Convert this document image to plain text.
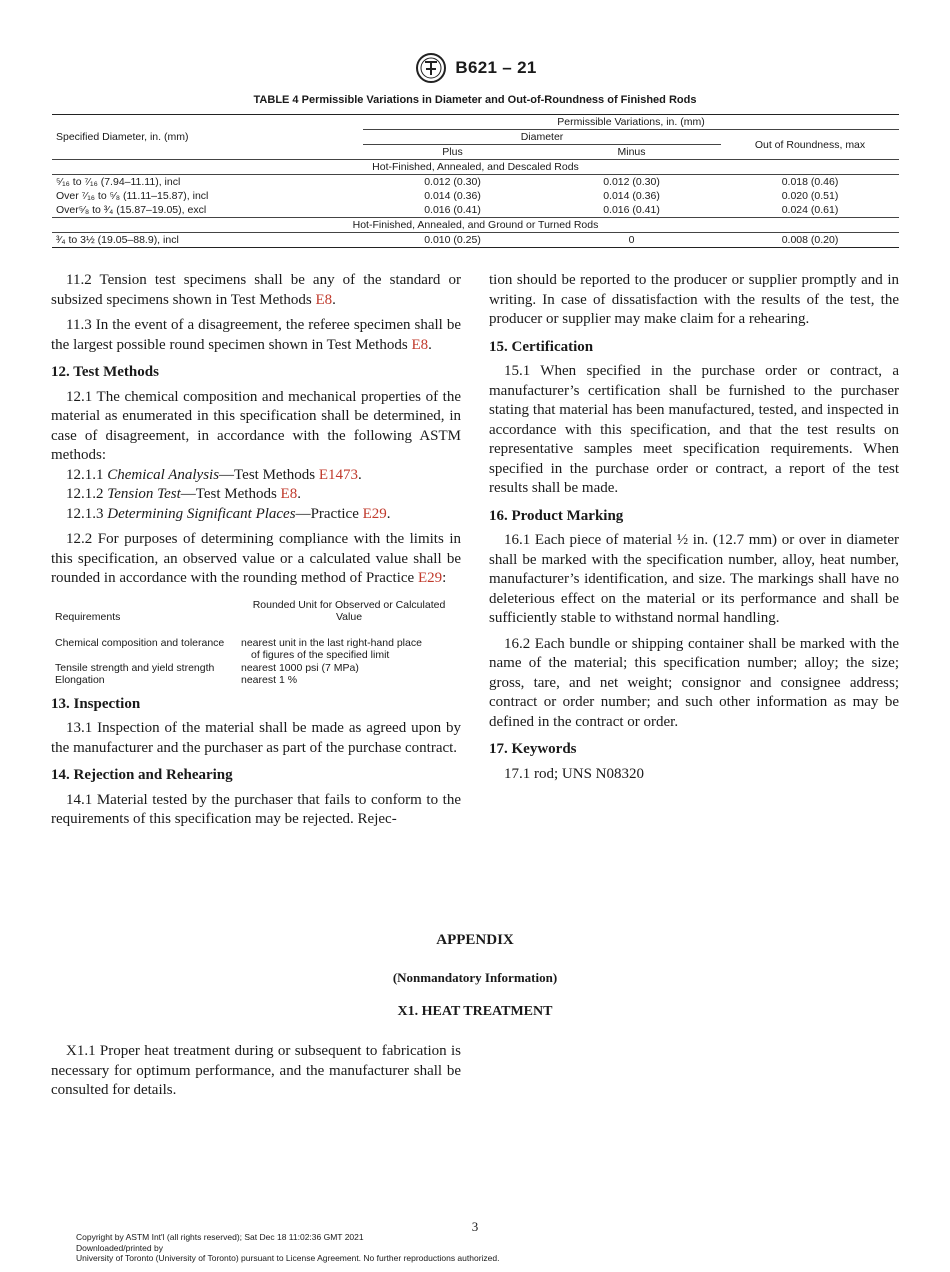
B621 – 21
TABLE 4 Permissible Variations in Diameter and Out-of-Roundness of Finished Rods
Specified Diameter, in. (mm)	Permissible Variations, in. (mm)		
	Diameter		Out of Roundness, max
	Plus	Minus	
Hot-Finished, Annealed, and Descaled Rods			
⁵⁄₁₆ to ⁷⁄₁₆ (7.94–11.11), incl	0.012 (0.30)	0.012 (0.30)	0.018 (0.46)
Over ⁷⁄₁₆ to ⁵⁄₈ (11.11–15.87), incl	0.014 (0.36)	0.014 (0.36)	0.020 (0.51)
Over⁵⁄₈ to ³⁄₄ (15.87–19.05), excl	0.016 (0.41)	0.016 (0.41)	0.024 (0.61)
Hot-Finished, Annealed, and Ground or Turned Rods			
³⁄₄ to 3½ (19.05–88.9), incl	0.010 (0.25)	0	0.008 (0.20)

11.2 Tension test specimens shall be any of the standard or subsized specimens shown in Test Methods E8.

11.3 In the event of a disagreement, the referee specimen shall be the largest possible round specimen shown in Test Methods E8.

12. Test Methods

12.1 The chemical composition and mechanical properties of the material as enumerated in this specification shall be determined, in case of disagreement, in accordance with the following ASTM methods:

12.1.1 Chemical Analysis—Test Methods E1473.

12.1.2 Tension Test—Test Methods E8.

12.1.3 Determining Significant Places—Practice E29.

12.2 For purposes of determining compliance with the limits in this specification, an observed value or a calculated value shall be rounded in accordance with the rounding method of Practice E29:

Requirements	Rounded Unit for Observed or Calculated Value

Chemical composition and tolerance	nearest unit in the last right-hand place
of figures of the specified limit
Tensile strength and yield strength	nearest 1000 psi (7 MPa)
Elongation	nearest 1 %
13. Inspection

13.1 Inspection of the material shall be made as agreed upon by the manufacturer and the purchaser as part of the purchase contract.

14. Rejection and Rehearing

14.1 Material tested by the purchaser that fails to conform to the requirements of this specification may be rejected. Rejec-

tion should be reported to the producer or supplier promptly and in writing. In case of dissatisfaction with the results of the test, the producer or supplier may make claim for a rehearing.

15. Certification

15.1 When specified in the purchase order or contract, a manufacturer’s certification shall be furnished to the purchaser stating that material has been manufactured, tested, and inspected in accordance with this specification, and that the test results on representative samples meet specification requirements. When specified in the purchase order or contract, a report of the test results shall be made.

16. Product Marking

16.1 Each piece of material ½ in. (12.7 mm) or over in diameter shall be marked with the specification number, alloy, heat number, manufacturer’s identification, and size. The markings shall have no deleterious effect on the material or its performance and shall be sufficiently stable to withstand normal handling.

16.2 Each bundle or shipping container shall be marked with the name of the material; this specification number; alloy; the size; gross, tare, and net weight; consignor and consignee address; contract or order number; and such other information as may be defined in the contract or order.

17. Keywords

17.1 rod; UNS N08320

APPENDIX
(Nonmandatory Information)
X1. HEAT TREATMENT

X1.1 Proper heat treatment during or subsequent to fabrication is necessary for optimum performance, and the manufacturer shall be consulted for details.

3
Copyright by ASTM Int'l (all rights reserved); Sat Dec 18 11:02:36 GMT 2021
Downloaded/printed by
University of Toronto (University of Toronto) pursuant to License Agreement. No further reproductions authorized.
